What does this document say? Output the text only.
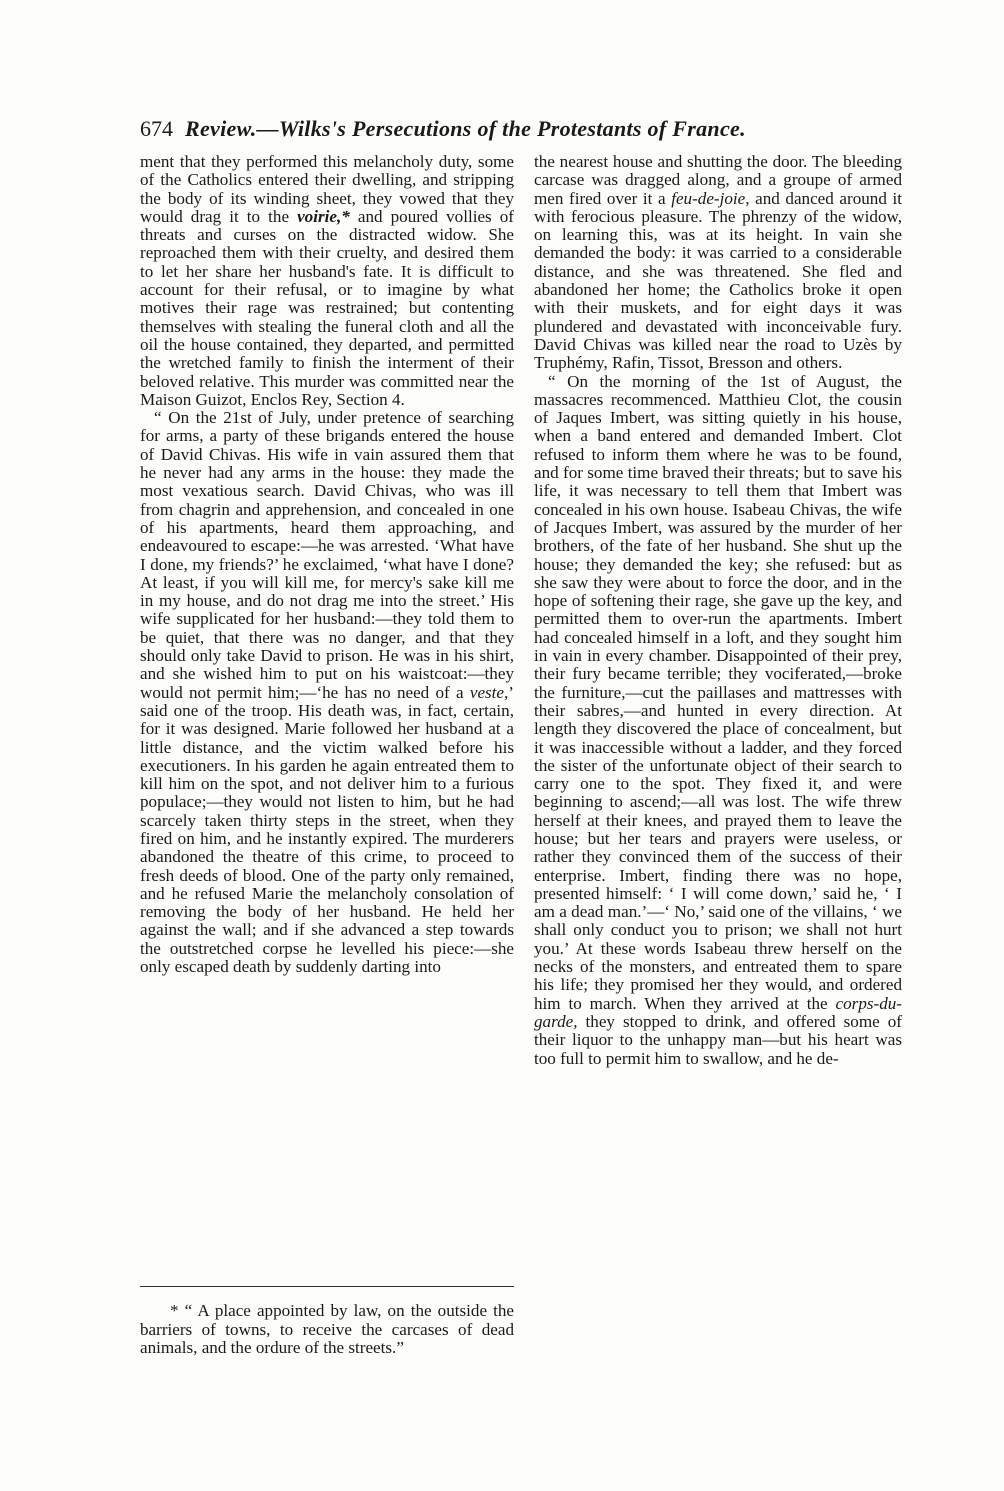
674 Review.—Wilks's Persecutions of the Protestants of France.

ment that they performed this melancholy duty, some of the Catholics entered their dwelling, and stripping the body of its winding sheet, they vowed that they would drag it to the voirie,* and poured vollies of threats and curses on the distracted widow. She reproached them with their cruelty, and desired them to let her share her husband's fate. It is difficult to account for their refusal, or to imagine by what motives their rage was restrained; but contenting themselves with stealing the funeral cloth and all the oil the house contained, they departed, and permitted the wretched family to finish the interment of their beloved relative. This murder was committed near the Maison Guizot, Enclos Rey, Section 4.

“ On the 21st of July, under pretence of searching for arms, a party of these brigands entered the house of David Chivas. His wife in vain assured them that he never had any arms in the house: they made the most vexatious search. David Chivas, who was ill from chagrin and apprehension, and concealed in one of his apartments, heard them approaching, and endeavoured to escape:—he was arrested. ‘What have I done, my friends?’ he exclaimed, ‘what have I done? At least, if you will kill me, for mercy's sake kill me in my house, and do not drag me into the street.’ His wife supplicated for her husband:—they told them to be quiet, that there was no danger, and that they should only take David to prison. He was in his shirt, and she wished him to put on his waistcoat:—they would not permit him;—‘he has no need of a veste,’ said one of the troop. His death was, in fact, certain, for it was designed. Marie followed her husband at a little distance, and the victim walked before his executioners. In his garden he again entreated them to kill him on the spot, and not deliver him to a furious populace;—they would not listen to him, but he had scarcely taken thirty steps in the street, when they fired on him, and he instantly expired. The murderers abandoned the theatre of this crime, to proceed to fresh deeds of blood. One of the party only remained, and he refused Marie the melancholy consolation of removing the body of her husband. He held her against the wall; and if she advanced a step towards the outstretched corpse he levelled his piece:—she only escaped death by suddenly darting into

* “ A place appointed by law, on the outside the barriers of towns, to receive the carcases of dead animals, and the ordure of the streets.”

the nearest house and shutting the door. The bleeding carcase was dragged along, and a groupe of armed men fired over it a feu-de-joie, and danced around it with ferocious pleasure. The phrenzy of the widow, on learning this, was at its height. In vain she demanded the body: it was carried to a considerable distance, and she was threatened. She fled and abandoned her home; the Catholics broke it open with their muskets, and for eight days it was plundered and devastated with inconceivable fury. David Chivas was killed near the road to Uzès by Truphémy, Rafin, Tissot, Bresson and others.

“ On the morning of the 1st of August, the massacres recommenced. Matthieu Clot, the cousin of Jaques Imbert, was sitting quietly in his house, when a band entered and demanded Imbert. Clot refused to inform them where he was to be found, and for some time braved their threats; but to save his life, it was necessary to tell them that Imbert was concealed in his own house. Isabeau Chivas, the wife of Jacques Imbert, was assured by the murder of her brothers, of the fate of her husband. She shut up the house; they demanded the key; she refused: but as she saw they were about to force the door, and in the hope of softening their rage, she gave up the key, and permitted them to over-run the apartments. Imbert had concealed himself in a loft, and they sought him in vain in every chamber. Disappointed of their prey, their fury became terrible; they vociferated,—broke the furniture,—cut the paillases and mattresses with their sabres,—and hunted in every direction. At length they discovered the place of concealment, but it was inaccessible without a ladder, and they forced the sister of the unfortunate object of their search to carry one to the spot. They fixed it, and were beginning to ascend;—all was lost. The wife threw herself at their knees, and prayed them to leave the house; but her tears and prayers were useless, or rather they convinced them of the success of their enterprise. Imbert, finding there was no hope, presented himself: ‘ I will come down,’ said he, ‘ I am a dead man.’—‘ No,’ said one of the villains, ‘ we shall only conduct you to prison; we shall not hurt you.’ At these words Isabeau threw herself on the necks of the monsters, and entreated them to spare his life; they promised her they would, and ordered him to march. When they arrived at the corps-du-garde, they stopped to drink, and offered some of their liquor to the unhappy man—but his heart was too full to permit him to swallow, and he de-
